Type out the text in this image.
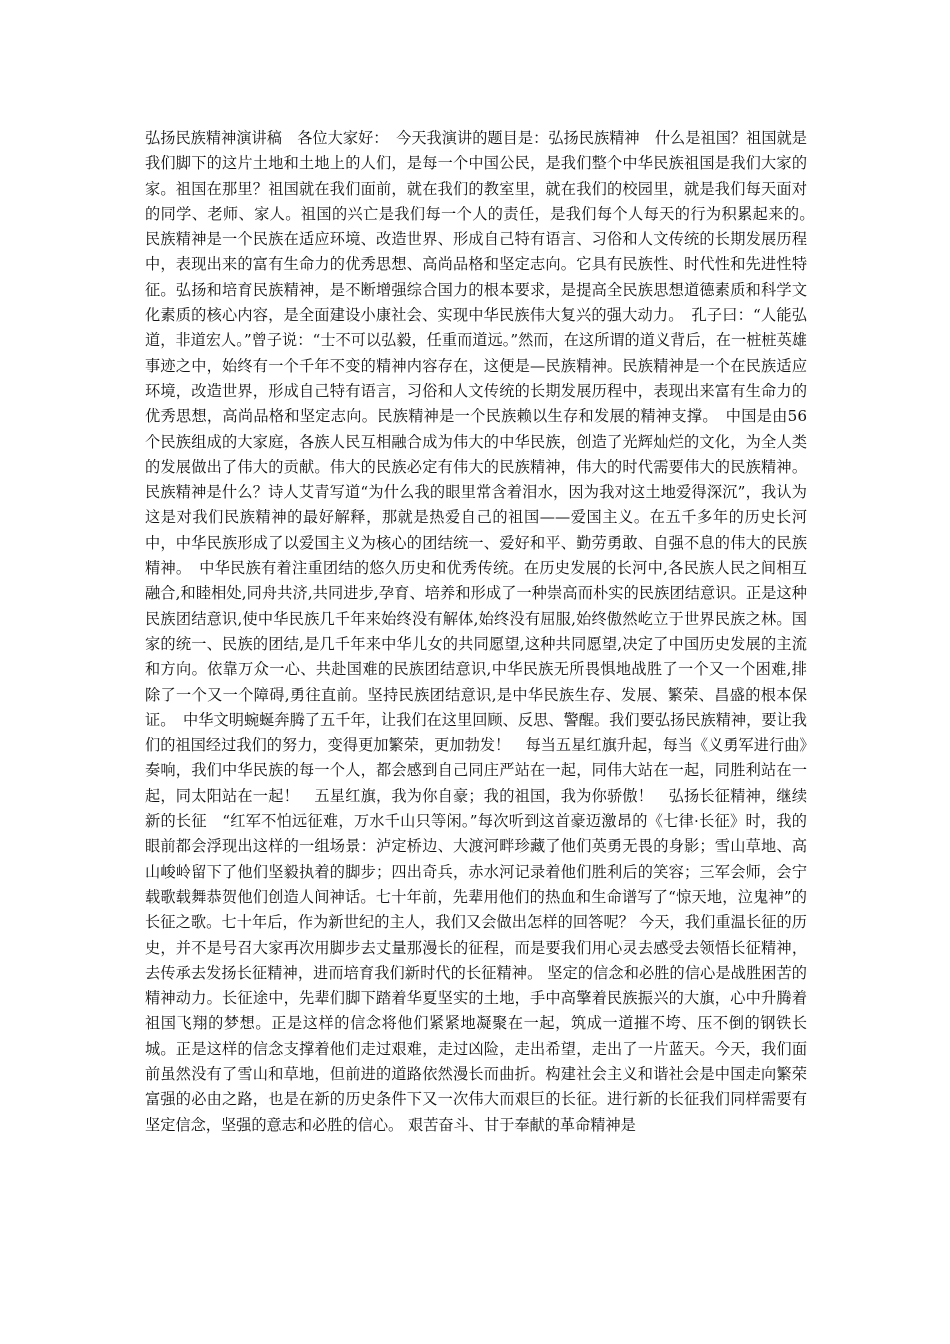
弘扬民族精神演讲稿　各位大家好：　今天我演讲的题目是：弘扬民族精神　什么是祖国？祖国就是我们脚下的这片土地和土地上的人们，是每一个中国公民，是我们整个中华民族祖国是我们大家的家。祖国在那里？祖国就在我们面前，就在我们的教室里，就在我们的校园里，就是我们每天面对的同学、老师、家人。祖国的兴亡是我们每一个人的责任，是我们每个人每天的行为积累起来的。　民族精神是一个民族在适应环境、改造世界、形成自己特有语言、习俗和人文传统的长期发展历程中，表现出来的富有生命力的优秀思想、高尚品格和坚定志向。它具有民族性、时代性和先进性特征。弘扬和培育民族精神，是不断增强综合国力的根本要求，是提高全民族思想道德素质和科学文化素质的核心内容，是全面建设小康社会、实现中华民族伟大复兴的强大动力。　孔子曰：“人能弘道，非道宏人。”曾子说：“士不可以弘毅，任重而道远。”然而，在这所谓的道义背后，在一桩桩英雄事迹之中，始终有一个千年不变的精神内容存在，这便是—民族精神。民族精神是一个在民族适应环境，改造世界，形成自己特有语言，习俗和人文传统的长期发展历程中，表现出来富有生命力的优秀思想，高尚品格和坚定志向。民族精神是一个民族赖以生存和发展的精神支撑。　中国是由56个民族组成的大家庭，各族人民互相融合成为伟大的中华民族，创造了光辉灿烂的文化，为全人类的发展做出了伟大的贡献。伟大的民族必定有伟大的民族精神，伟大的时代需要伟大的民族精神。民族精神是什么？诗人艾青写道“为什么我的眼里常含着泪水，因为我对这土地爱得深沉”，我认为这是对我们民族精神的最好解释，那就是热爱自己的祖国——爱国主义。在五千多年的历史长河中，中华民族形成了以爱国主义为核心的团结统一、爱好和平、勤劳勇敢、自强不息的伟大的民族精神。　中华民族有着注重团结的悠久历史和优秀传统。在历史发展的长河中,各民族人民之间相互融合,和睦相处,同舟共济,共同进步,孕育、培养和形成了一种崇高而朴实的民族团结意识。正是这种民族团结意识,使中华民族几千年来始终没有解体,始终没有屈服,始终傲然屹立于世界民族之林。国家的统一、民族的团结,是几千年来中华儿女的共同愿望,这种共同愿望,决定了中国历史发展的主流和方向。依靠万众一心、共赴国难的民族团结意识,中华民族无所畏惧地战胜了一个又一个困难,排除了一个又一个障碍,勇往直前。坚持民族团结意识,是中华民族生存、发展、繁荣、昌盛的根本保证。　中华文明蜿蜒奔腾了五千年，让我们在这里回顾、反思、警醒。我们要弘扬民族精神，要让我们的祖国经过我们的努力，变得更加繁荣，更加勃发！　每当五星红旗升起，每当《义勇军进行曲》奏响，我们中华民族的每一个人，都会感到自己同庄严站在一起，同伟大站在一起，同胜利站在一起，同太阳站在一起！　五星红旗，我为你自豪；我的祖国，我为你骄傲！　弘扬长征精神，继续新的长征　“红军不怕远征难，万水千山只等闲。”每次听到这首豪迈激昂的《七律·长征》时，我的眼前都会浮现出这样的一组场景：泸定桥边、大渡河畔珍藏了他们英勇无畏的身影；雪山草地、高山峻岭留下了他们坚毅执着的脚步；四出奇兵，赤水河记录着他们胜利后的笑容；三军会师，会宁载歌载舞恭贺他们创造人间神话。七十年前，先辈用他们的热血和生命谱写了“惊天地，泣鬼神”的长征之歌。七十年后，作为新世纪的主人，我们又会做出怎样的回答呢？ 今天，我们重温长征的历史，并不是号召大家再次用脚步去丈量那漫长的征程，而是要我们用心灵去感受去领悟长征精神，去传承去发扬长征精神，进而培育我们新时代的长征精神。 坚定的信念和必胜的信心是战胜困苦的精神动力。长征途中，先辈们脚下踏着华夏坚实的土地，手中高擎着民族振兴的大旗，心中升腾着祖国飞翔的梦想。正是这样的信念将他们紧紧地凝聚在一起，筑成一道摧不垮、压不倒的钢铁长城。正是这样的信念支撑着他们走过艰难，走过凶险，走出希望，走出了一片蓝天。今天，我们面前虽然没有了雪山和草地，但前进的道路依然漫长而曲折。构建社会主义和谐社会是中国走向繁荣富强的必由之路，也是在新的历史条件下又一次伟大而艰巨的长征。进行新的长征我们同样需要有坚定信念，坚强的意志和必胜的信心。 艰苦奋斗、甘于奉献的革命精神是
